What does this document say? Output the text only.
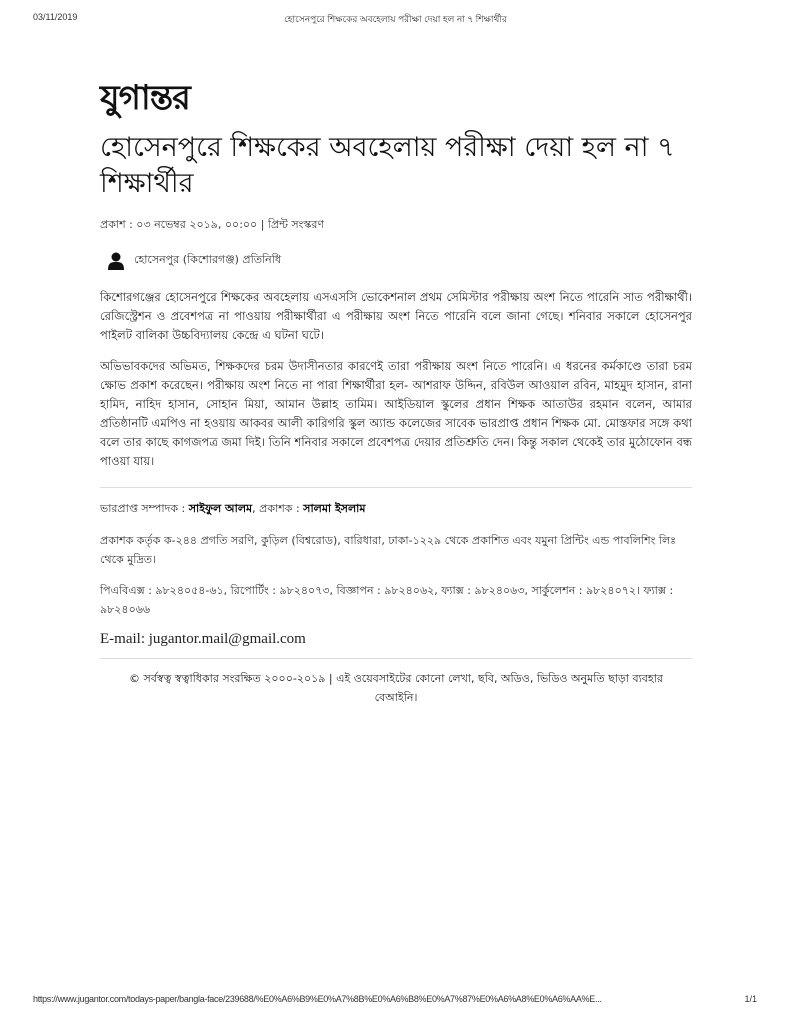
03/11/2019	হোসেনপুরে শিক্ষকের অবহেলায় পরীক্ষা দেয়া হল না ৭ শিক্ষার্থীর
যুগান্তর
হোসেনপুরে শিক্ষকের অবহেলায় পরীক্ষা দেয়া হল না ৭ শিক্ষার্থীর
প্রকাশ : ০৩ নভেম্বর ২০১৯, ০০:০০ | প্রিন্ট সংস্করণ
হোসেনপুর (কিশোরগঞ্জ) প্রতিনিধি

কিশোরগঞ্জের হোসেনপুরে শিক্ষকের অবহেলায় এসএসসি ভোকেশনাল প্রথম সেমিস্টার পরীক্ষায় অংশ নিতে পারেনি সাত পরীক্ষার্থী। রেজিস্ট্রেশন ও প্রবেশপত্র না পাওয়ায় পরীক্ষার্থীরা এ পরীক্ষায় অংশ নিতে পারেনি বলে জানা গেছে। শনিবার সকালে হোসেনপুর পাইলট বালিকা উচ্চবিদ্যালয় কেন্দ্রে এ ঘটনা ঘটে।

অভিভাবকদের অভিমত, শিক্ষকদের চরম উদাসীনতার কারণেই তারা পরীক্ষায় অংশ নিতে পারেনি। এ ধরনের কর্মকাণ্ডে তারা চরম ক্ষোভ প্রকাশ করেছেন। পরীক্ষায় অংশ নিতে না পারা শিক্ষার্থীরা হল- আশরাফ উদ্দিন, রবিউল আওয়াল রবিন, মাহমুদ হাসান, রানা হামিদ, নাহিদ হাসান, সোহান মিয়া, আমান উল্লাহ তামিম। আইডিয়াল স্কুলের প্রধান শিক্ষক আতাউর রহমান বলেন, আমার প্রতিষ্ঠানটি এমপিও না হওয়ায় আকবর আলী কারিগরি স্কুল অ্যান্ড কলেজের সাবেক ভারপ্রাপ্ত প্রধান শিক্ষক মো. মোস্তফার সঙ্গে কথা বলে তার কাছে কাগজপত্র জমা দিই। তিনি শনিবার সকালে প্রবেশপত্র দেয়ার প্রতিশ্রুতি দেন। কিন্তু সকাল থেকেই তার মুঠোফোন বন্ধ পাওয়া যায়।

ভারপ্রাপ্ত সম্পাদক : সাইফুল আলম, প্রকাশক : সালমা ইসলাম
প্রকাশক কর্তৃক ক-২৪৪ প্রগতি সরণি, কুড়িল (বিশ্বরোড), বারিধারা, ঢাকা-১২২৯ থেকে প্রকাশিত এবং যমুনা প্রিন্টিং এন্ড পাবলিশিং লিঃ থেকে মুদ্রিত।
পিএবিএক্স : ৯৮২৪০৫৪-৬১, রিপোর্টিং : ৯৮২৪০৭৩, বিজ্ঞাপন : ৯৮২৪০৬২, ফ্যাক্স : ৯৮২৪০৬৩, সার্কুলেশন : ৯৮২৪০৭২। ফ্যাক্স : ৯৮২৪০৬৬
E-mail: jugantor.mail@gmail.com
© সর্বস্বত্ব স্বত্বাধিকার সংরক্ষিত ২০০০-২০১৯ | এই ওয়েবসাইটের কোনো লেখা, ছবি, অডিও, ভিডিও অনুমতি ছাড়া ব্যবহার বেআইনি।
https://www.jugantor.com/todays-paper/bangla-face/239688/%E0%A6%B9%E0%A7%8B%E0%A6%B8%E0%A7%87%E0%A6%A8%E0%A6%AA%E...	1/1
